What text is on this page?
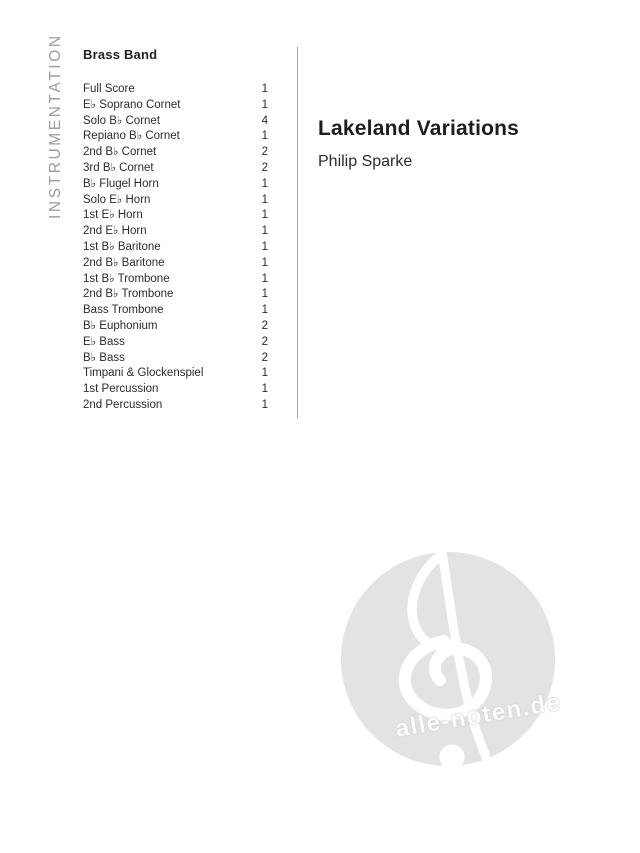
INSTRUMENTATION Brass Band
Full Score	1
E♭ Soprano Cornet	1
Solo B♭ Cornet	4
Repiano B♭ Cornet	1
2nd B♭ Cornet	2
3rd B♭ Cornet	2
B♭ Flugel Horn	1
Solo E♭ Horn	1
1st E♭ Horn	1
2nd E♭ Horn	1
1st B♭ Baritone	1
2nd B♭ Baritone	1
1st B♭ Trombone	1
2nd B♭ Trombone	1
Bass Trombone	1
B♭ Euphonium	2
E♭ Bass	2
B♭ Bass	2
Timpani & Glockenspiel	1
1st Percussion	1
2nd Percussion	1
Lakeland Variations

Philip Sparke

alle-noten.de
